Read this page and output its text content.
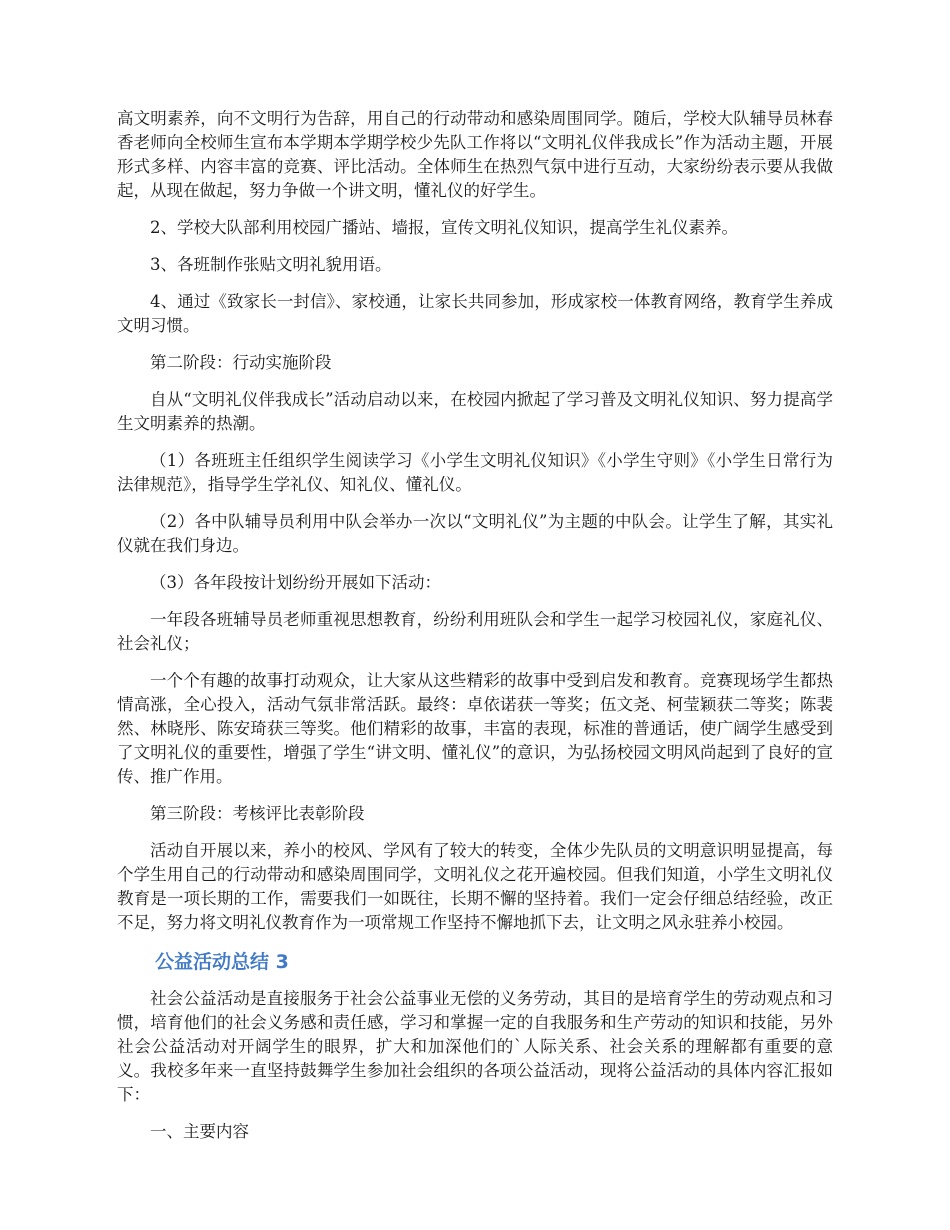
高文明素养，向不文明行为告辞，用自己的行动带动和感染周围同学。随后，学校大队辅导员林春香老师向全校师生宣布本学期本学期学校少先队工作将以“文明礼仪伴我成长”作为活动主题，开展形式多样、内容丰富的竞赛、评比活动。全体师生在热烈气氛中进行互动，大家纷纷表示要从我做起，从现在做起，努力争做一个讲文明，懂礼仪的好学生。

2、学校大队部利用校园广播站、墙报，宣传文明礼仪知识，提高学生礼仪素养。

3、各班制作张贴文明礼貌用语。

4、通过《致家长一封信》、家校通，让家长共同参加，形成家校一体教育网络，教育学生养成文明习惯。

第二阶段：行动实施阶段

自从“文明礼仪伴我成长”活动启动以来，在校园内掀起了学习普及文明礼仪知识、努力提高学生文明素养的热潮。

（1）各班班主任组织学生阅读学习《小学生文明礼仪知识》《小学生守则》《小学生日常行为法律规范》，指导学生学礼仪、知礼仪、懂礼仪。

（2）各中队辅导员利用中队会举办一次以“文明礼仪”为主题的中队会。让学生了解，其实礼仪就在我们身边。

（3）各年段按计划纷纷开展如下活动：

一年段各班辅导员老师重视思想教育，纷纷利用班队会和学生一起学习校园礼仪，家庭礼仪、社会礼仪；

一个个有趣的故事打动观众，让大家从这些精彩的故事中受到启发和教育。竞赛现场学生都热情高涨，全心投入，活动气氛非常活跃。最终：卓依诺获一等奖；伍文尧、柯莹颖获二等奖；陈裴然、林晓彤、陈安琦获三等奖。他们精彩的故事，丰富的表现，标准的普通话，使广阔学生感受到了文明礼仪的重要性，增强了学生“讲文明、懂礼仪”的意识，为弘扬校园文明风尚起到了良好的宣传、推广作用。

第三阶段：考核评比表彰阶段

活动自开展以来，养小的校风、学风有了较大的转变，全体少先队员的文明意识明显提高，每个学生用自己的行动带动和感染周围同学，文明礼仪之花开遍校园。但我们知道，小学生文明礼仪教育是一项长期的工作，需要我们一如既往，长期不懈的坚持着。我们一定会仔细总结经验，改正不足，努力将文明礼仪教育作为一项常规工作坚持不懈地抓下去，让文明之风永驻养小校园。

公益活动总结 3

社会公益活动是直接服务于社会公益事业无偿的义务劳动，其目的是培育学生的劳动观点和习惯，培育他们的社会义务感和责任感，学习和掌握一定的自我服务和生产劳动的知识和技能，另外社会公益活动对开阔学生的眼界，扩大和加深他们的`人际关系、社会关系的理解都有重要的意义。我校多年来一直坚持鼓舞学生参加社会组织的各项公益活动，现将公益活动的具体内容汇报如下：

一、主要内容
